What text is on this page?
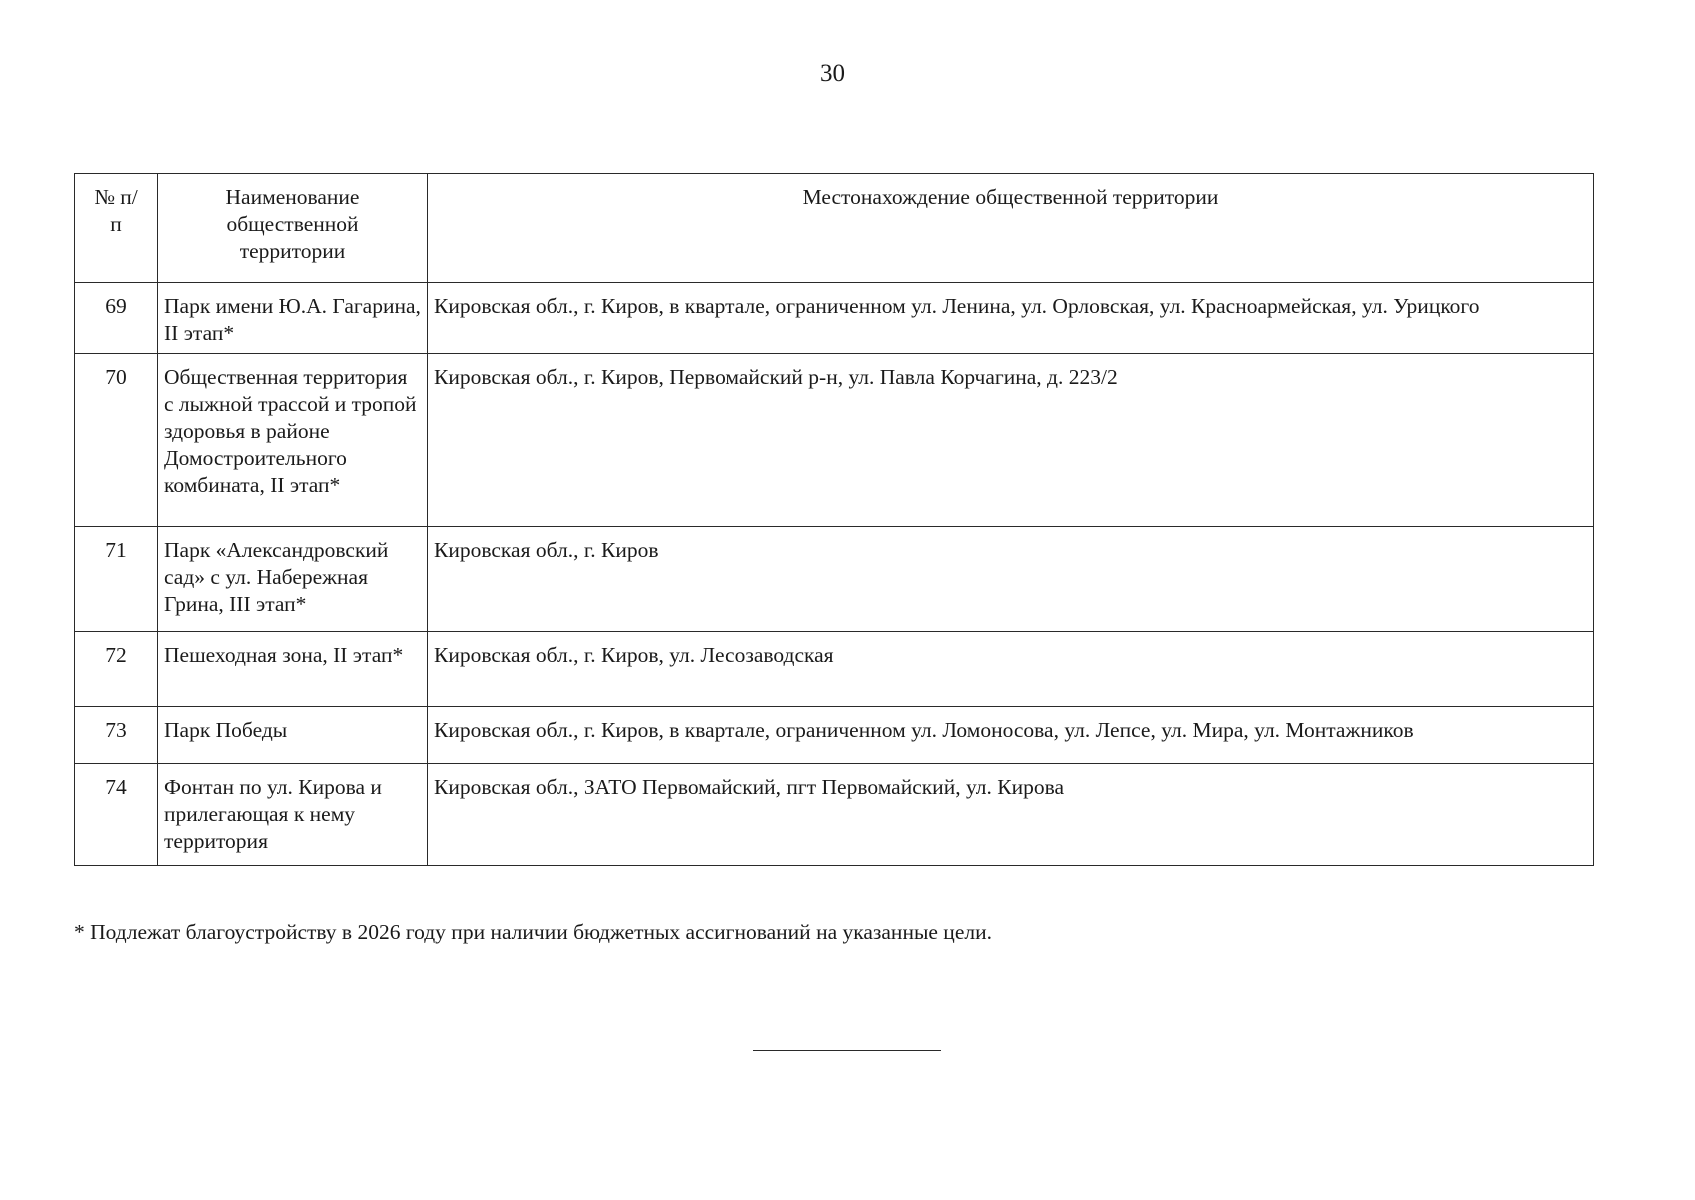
30
№ п/п	Наименование общественной территории	Местонахождение общественной территории
69	Парк имени Ю.А. Гагарина, II этап*	Кировская обл., г. Киров, в квартале, ограниченном ул. Ленина, ул. Орловская, ул. Красноармейская, ул. Урицкого
70	Общественная территория с лыжной трассой и тропой здоровья в районе Домостроительного комбината, II этап*	Кировская обл., г. Киров, Первомайский р-н, ул. Павла Корчагина, д. 223/2
71	Парк «Александровский сад» с ул. Набережная Грина, III этап*	Кировская обл., г. Киров
72	Пешеходная зона, II этап*	Кировская обл., г. Киров, ул. Лесозаводская
73	Парк Победы	Кировская обл., г. Киров, в квартале, ограниченном ул. Ломоносова, ул. Лепсе, ул. Мира, ул. Монтажников
74	Фонтан по ул. Кирова и прилегающая к нему территория	Кировская обл., ЗАТО Первомайский, пгт Первомайский, ул. Кирова
* Подлежат благоустройству в 2026 году при наличии бюджетных ассигнований на указанные цели.
